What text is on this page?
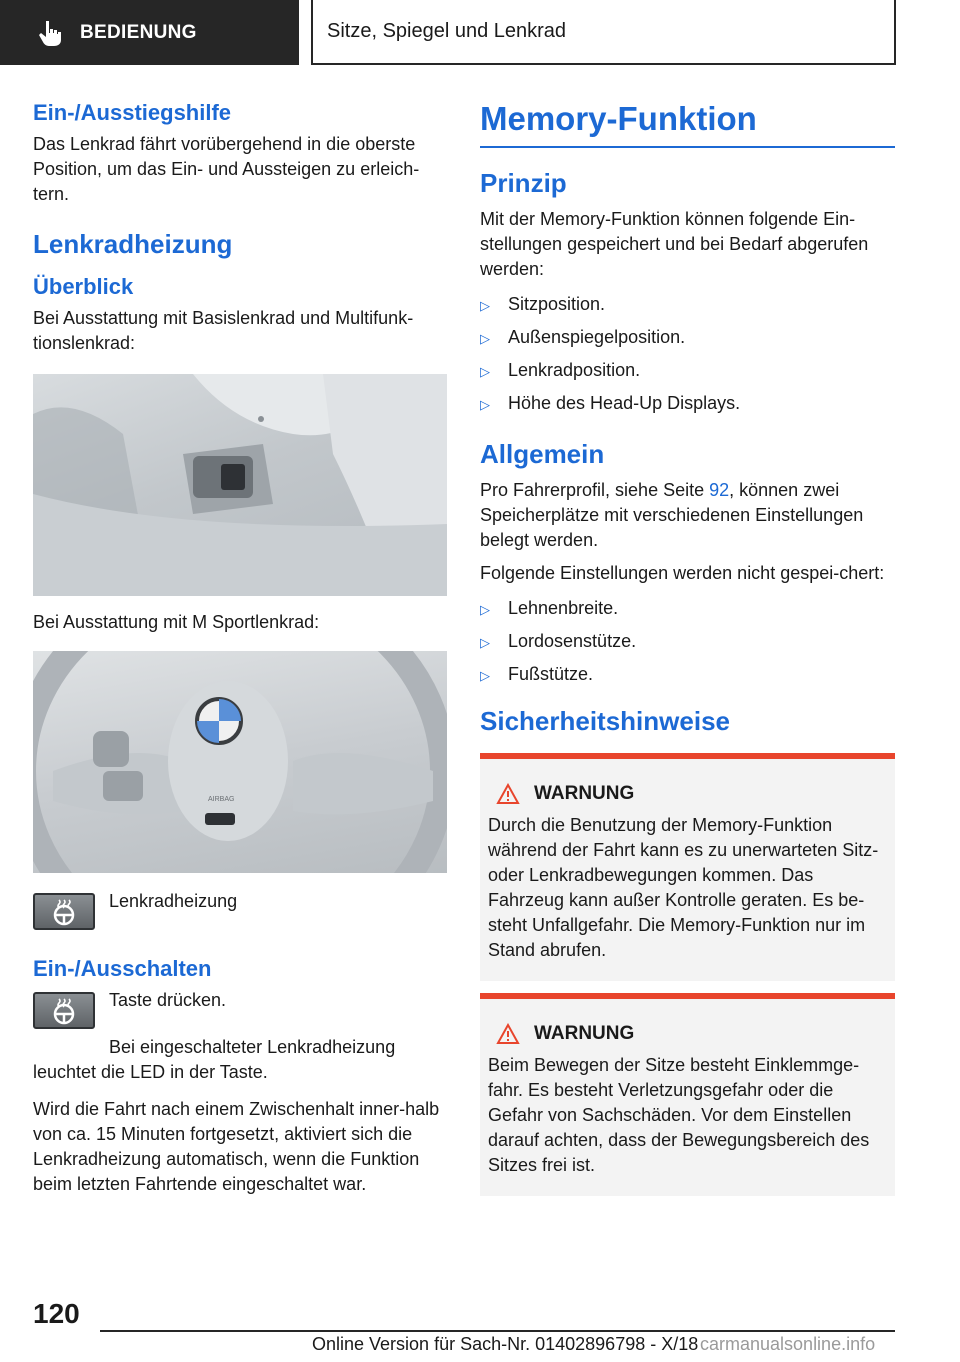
BEDIENUNG	Sitze, Spiegel und Lenkrad
Ein-/Ausstiegshilfe

Das Lenkrad fährt vorübergehend in die oberste Position, um das Ein- und Aussteigen zu erleich-tern.

Lenkradheizung
Überblick

Bei Ausstattung mit Basislenkrad und Multifunk-tionslenkrad:

Bei Ausstattung mit M Sportlenkrad:

AIRBAG

Lenkradheizung

Ein-/Ausschalten

Taste drücken.

Bei eingeschalteter Lenkradheizung leuchtet die LED in der Taste.

Wird die Fahrt nach einem Zwischenhalt inner-halb von ca. 15 Minuten fortgesetzt, aktiviert sich die Lenkradheizung automatisch, wenn die Funktion beim letzten Fahrtende eingeschaltet war.

Memory-Funktion
Prinzip

Mit der Memory-Funktion können folgende Ein-stellungen gespeichert und bei Bedarf abgerufen werden:

▷	Sitzposition.
▷	Außenspiegelposition.
▷	Lenkradposition.
▷	Höhe des Head-Up Displays.
Allgemein

Pro Fahrerprofil, siehe Seite 92, können zwei Speicherplätze mit verschiedenen Einstellungen belegt werden.

Folgende Einstellungen werden nicht gespei-chert:

▷	Lehnenbreite.
▷	Lordosenstütze.
▷	Fußstütze.
Sicherheitshinweise
WARNUNG

Durch die Benutzung der Memory-Funktion während der Fahrt kann es zu unerwarteten Sitz- oder Lenkradbewegungen kommen. Das Fahrzeug kann außer Kontrolle geraten. Es be-steht Unfallgefahr. Die Memory-Funktion nur im Stand abrufen.

WARNUNG

Beim Bewegen der Sitze besteht Einklemmge-fahr. Es besteht Verletzungsgefahr oder die Gefahr von Sachschäden. Vor dem Einstellen darauf achten, dass der Bewegungsbereich des Sitzes frei ist.

120
Online Version für Sach-Nr. 01402896798 - X/18 carmanualsonline.info
